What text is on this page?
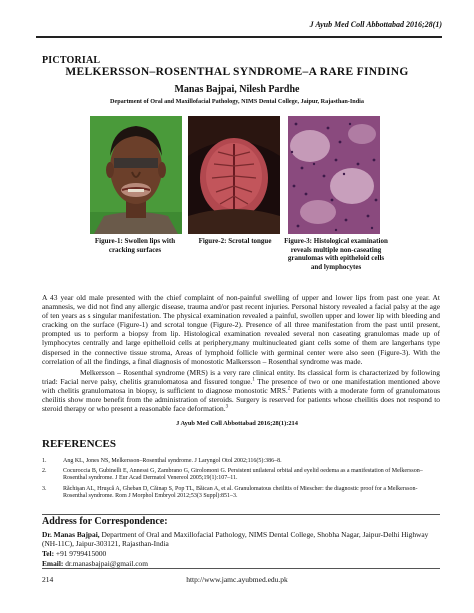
J Ayub Med Coll Abbottabad 2016;28(1)
PICTORIAL
MELKERSSON–ROSENTHAL SYNDROME–A RARE FINDING
Manas Bajpai, Nilesh Pardhe
Department of Oral and Maxillofacial Pathology, NIMS Dental College, Jaipur, Rajasthan-India
Figure-1: Swollen lips with cracking surfaces
Figure-2: Scrotal tongue	Figure-3: Histological examination reveals multiple non-caseating granulomas with epitheloid cells and lymphocytes
A 43 year old male presented with the chief complaint of non-painful swelling of upper and lower lips from past one year. At anamnesis, we did not find any allergic disease, trauma and/or past recent injuries. Personal history revealed a facial palsy at the age of ten years as s singular manifestation. The physical examination revealed a painful, swollen upper and lower lip with bleeding and cracking on the surface (Figure-1) and scrotal tongue (Figure-2). Presence of all three manifestation from the past until present, prompted us to perform a biopsy from lip. Histological examination revealed several non caseating granulomas made up of lymphocytes centrally and large epithelloid cells at periphery,many multinucleated giant cells some of them are langerhans type dispersed in the connective tissue stroma, Areas of lymphoid follicle with germinal center were also seen (Figure-3). With the correlation of all the findings, a final diagnosis of monostotic Malkersson – Rosenthal syndrome was made.
Melkersson – Rosenthal syndrome (MRS) is a very rare clinical entity. Its classical form is characterized by following triad: Facial nerve palsy, chelitis granulomatosa and fissured tongue.$^1$ The presence of two or one manifestation mentioned above with chelitis granulomatosa in biopsy, is sufficient to diagnose monostotic MRS.$^2$ Patients with a moderate form of granulomatous cheilitis show more benefit from the administration of steroids. Surgery is reserved for patients whose cheilitis does not respond to steroid therapy or who present a reasonable face deformation.$^3$
J Ayub Med Coll Abbottabad 2016;28(1):214
REFERENCES
1.	Ang KL, Jones NS, Melkersson–Rosenthal syndrome. J Laryngol Otol 2002;116(5):386–8.
2.	Cocuroccia B, Gubinelli E, Annessi G, Zambrano G, Girolomoni G. Persistent unilateral orbital and eyelid oedema as a manifestation of Melkersson–Rosenthal syndrome. J Eur Acad Dermatol Venereol 2005;19(1):107–11.
3.	Răchişan AL, Hruşcă A, Gheban D, Căinap S, Pop TL, Băican A, et al. Granulomatous cheilitis of Miescher: the diagnostic proof for a Melkersson-Rosenthal syndrome. Rom J Morphol Embryol 2012;53(3 Suppl):851–3.
Address for Correspondence:
Dr. Manas Bajpai, Department of Oral and Maxillofacial Pathology, NIMS Dental College, Shobha Nagar, Jaipur-Delhi Highway (NH-11C), Jaipur-303121, Rajasthan-India
Tel: +91 9799415000
Email: dr.manasbajpai@gmail.com
214	http://www.jamc.ayubmed.edu.pk
